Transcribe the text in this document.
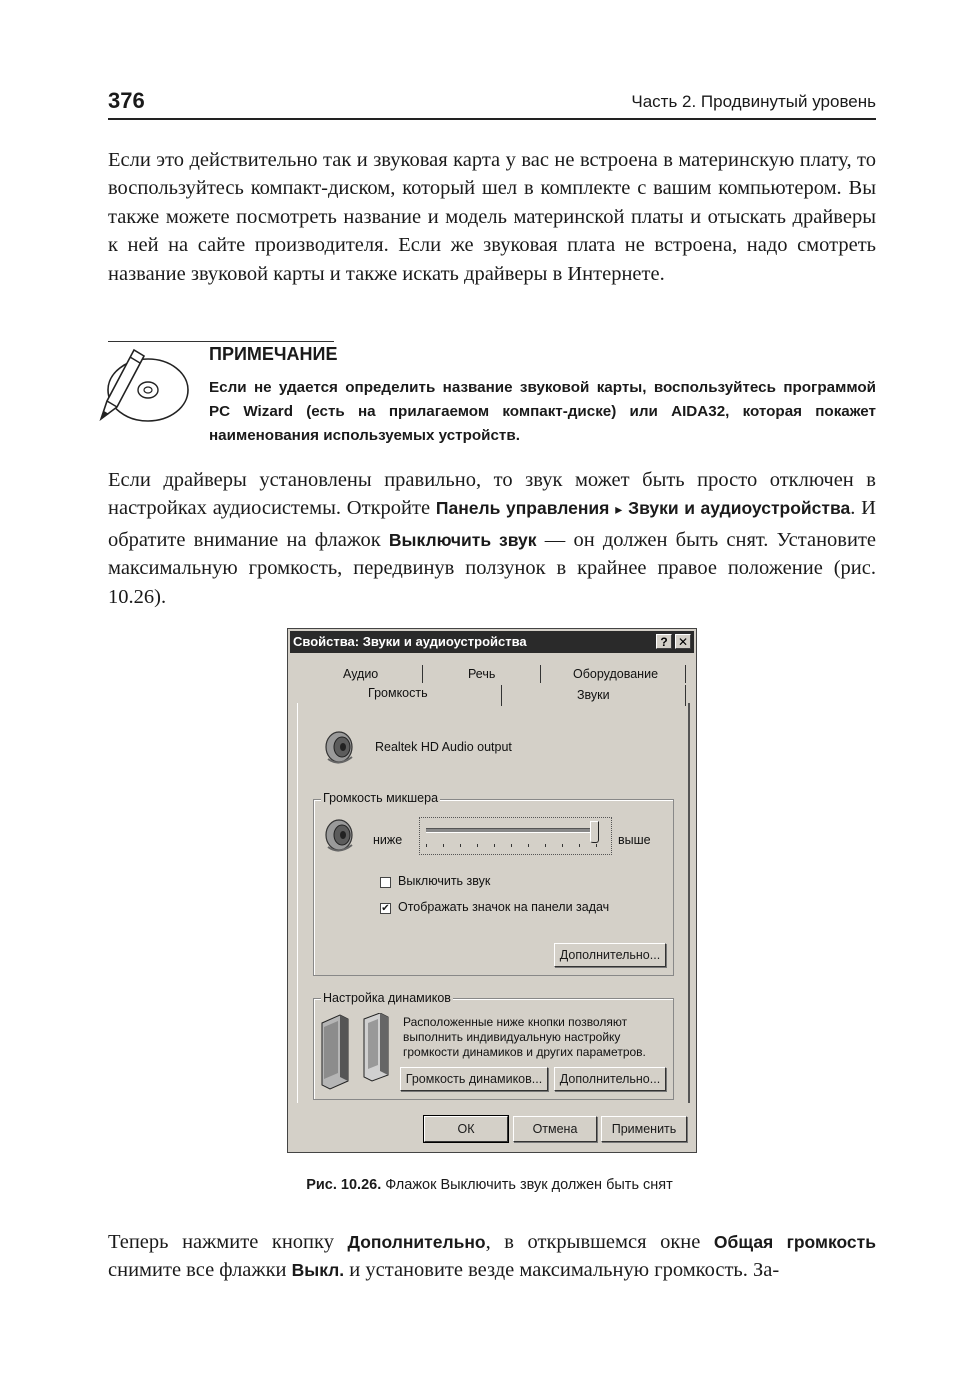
376	Часть 2. Продвинутый уровень
Если это действительно так и звуковая карта у вас не встроена в материнскую плату, то воспользуйтесь компакт-диском, который шел в комплекте с вашим компьютером. Вы также можете посмотреть название и модель материнской платы и отыскать драйверы к ней на сайте производителя. Если же звуковая плата не встроена, надо смотреть название звуковой карты и также искать драйверы в Интернете.
ПРИМЕЧАНИЕ
Если не удается определить название звуковой карты, воспользуйтесь программой PC Wizard (есть на прилагаемом компакт-диске) или AIDA32, которая покажет наименования используемых устройств.
Если драйверы установлены правильно, то звук может быть просто отключен в настройках аудиосистемы. Откройте Панель управления ▸ Звуки и аудиоустройства. И обратите внимание на флажок Выключить звук — он должен быть снят. Установите максимальную громкость, передвинув ползунок в крайнее правое положение (рис. 10.26).
Свойства: Звуки и аудиоустройства	? ✕
Аудио	Речь	Оборудование
Громкость	Звуки
Realtek HD Audio output
Громкость микшера
ниже	выше
Выключить звук
✔ Отображать значок на панели задач
Дополнительно...
Настройка динамиков
Расположенные ниже кнопки позволяют
выполнить индивидуальную настройку
громкости динамиков и других параметров.
Громкость динамиков...	Дополнительно...
ОК	Отмена	Применить
Рис. 10.26. Флажок Выключить звук должен быть снят
Теперь нажмите кнопку Дополнительно, в открывшемся окне Общая громкость снимите все флажки Выкл. и установите везде максимальную громкость. За-
